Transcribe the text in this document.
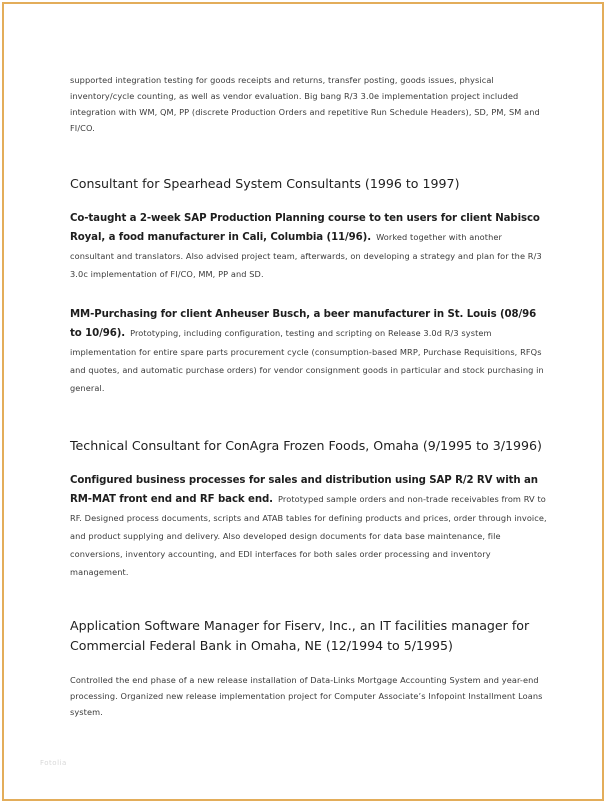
supported integration testing for goods receipts and returns, transfer posting, goods issues, physical inventory/cycle counting, as well as vendor evaluation. Big bang R/3 3.0e implementation project included integration with WM, QM, PP (discrete Production Orders and repetitive Run Schedule Headers), SD, PM, SM and FI/CO.

Consultant for Spearhead System Consultants (1996 to 1997)

Co-taught a 2-week SAP Production Planning course to ten users for client Nabisco Royal, a food manufacturer in Cali, Columbia (11/96). Worked together with another consultant and translators. Also advised project team, afterwards, on developing a strategy and plan for the R/3 3.0c implementation of FI/CO, MM, PP and SD.

MM-Purchasing for client Anheuser Busch, a beer manufacturer in St. Louis (08/96 to 10/96). Prototyping, including configuration, testing and scripting on Release 3.0d R/3 system implementation for entire spare parts procurement cycle (consumption-based MRP, Purchase Requisitions, RFQs and quotes, and automatic purchase orders) for vendor consignment goods in particular and stock purchasing in general.

Technical Consultant for ConAgra Frozen Foods, Omaha (9/1995 to 3/1996)

Configured business processes for sales and distribution using SAP R/2 RV with an RM-MAT front end and RF back end. Prototyped sample orders and non-trade receivables from RV to RF. Designed process documents, scripts and ATAB tables for defining products and prices, order through invoice, and product supplying and delivery. Also developed design documents for data base maintenance, file conversions, inventory accounting, and EDI interfaces for both sales order processing and inventory management.

Application Software Manager for Fiserv, Inc., an IT facilities manager for Commercial Federal Bank in Omaha, NE (12/1994 to 5/1995)

Controlled the end phase of a new release installation of Data-Links Mortgage Accounting System and year-end processing. Organized new release implementation project for Computer Associate’s Infopoint Installment Loans system.

Fotolia
